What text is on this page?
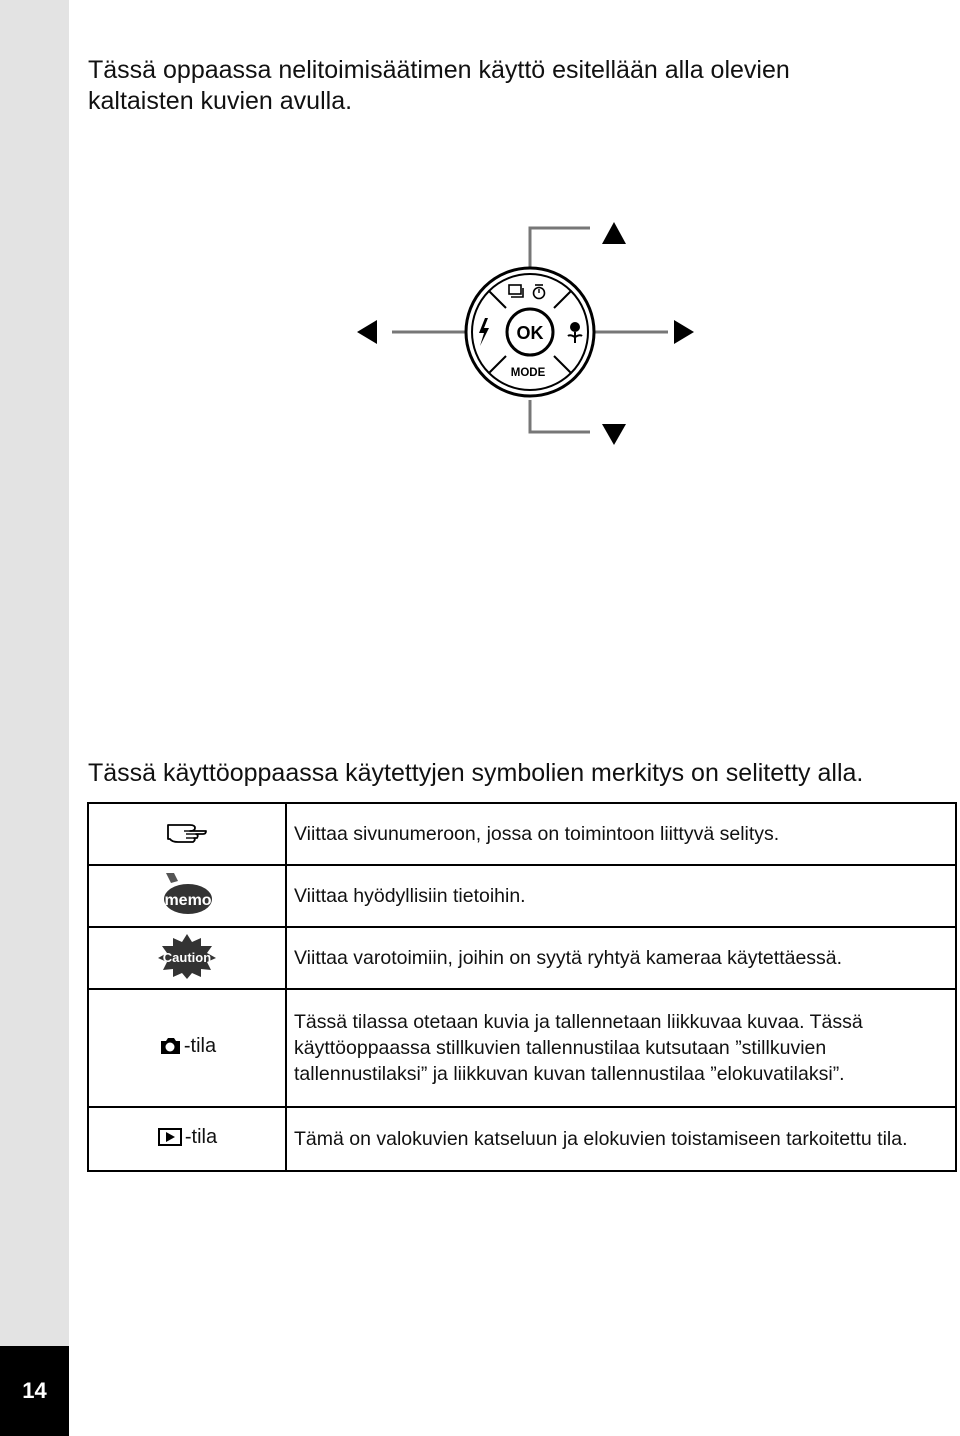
14

Tässä oppaassa nelitoimisäätimen käyttö esitellään alla olevien kaltaisten kuvien avulla.

OK
MODE

Tässä käyttöoppaassa käytettyjen symbolien merkitys on selitetty alla.

	Viittaa sivunumeroon, jossa on toimintoon liittyvä selitys.

memo	Viittaa hyödyllisiin tietoihin.

Caution	Viittaa varotoimiin, joihin on syytä ryhtyä kameraa käytettäessä.

-tila	Tässä tilassa otetaan kuvia ja tallennetaan liikkuvaa kuvaa. Tässä käyttöoppaassa stillkuvien tallennustilaa kutsutaan ”stillkuvien tallennustilaksi” ja liikkuvan kuvan tallennustilaa ”elokuvatilaksi”.

-tila	Tämä on valokuvien katseluun ja elokuvien toistamiseen tarkoitettu tila.
